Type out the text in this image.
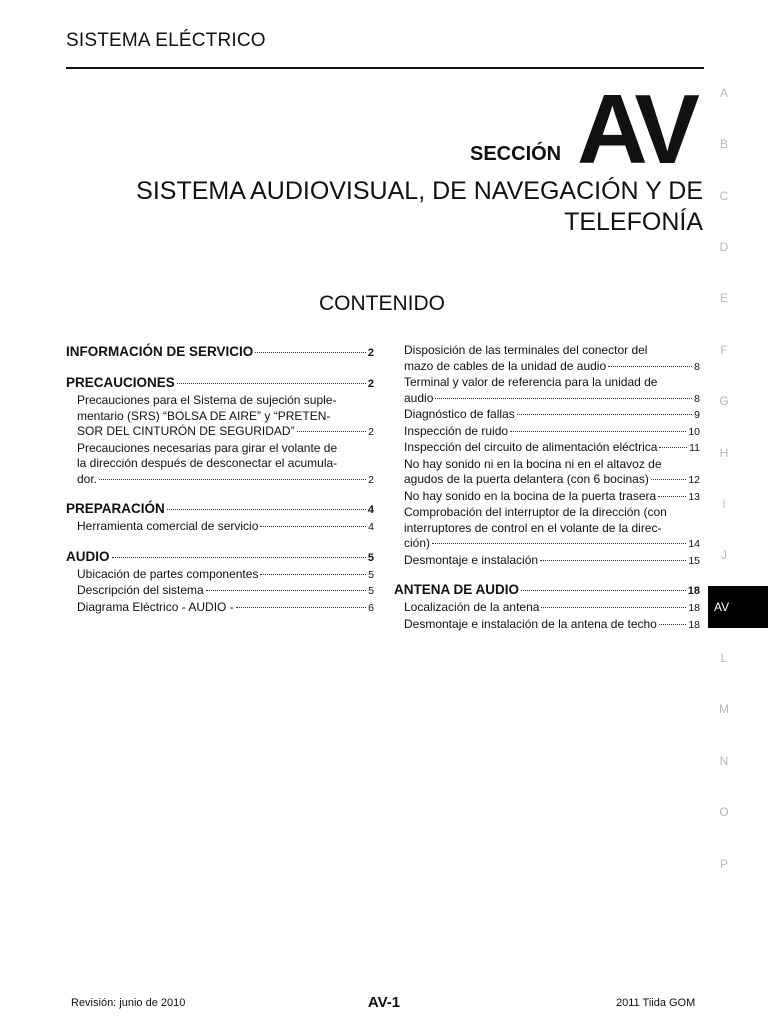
SISTEMA ELÉCTRICO
SECCIÓN AV
SISTEMA AUDIOVISUAL, DE NAVEGACIÓN Y DE
TELEFONÍA
CONTENIDO
INFORMACIÓN DE SERVICIO	2
PRECAUCIONES	2
Precauciones para el Sistema de sujeción suple-
mentario (SRS) “BOLSA DE AIRE” y “PRETEN-
SOR DEL CINTURÓN DE SEGURIDAD”	2
Precauciones necesarias para girar el volante de
la dirección después de desconectar el acumula-
dor.	2
PREPARACIÓN	4
Herramienta comercial de servicio	4
AUDIO	5
Ubicación de partes componentes	5
Descripción del sistema	5
Diagrama Eléctrico - AUDIO -	6
Disposición de las terminales del conector del
mazo de cables de la unidad de audio	8
Terminal y valor de referencia para la unidad de
audio	8
Diagnóstico de fallas	9
Inspección de ruido	10
Inspección del circuito de alimentación eléctrica	11
No hay sonido ni en la bocina ni en el altavoz de
agudos de la puerta delantera (con 6 bocinas)	12
No hay sonido en la bocina de la puerta trasera	13
Comprobación del interruptor de la dirección (con
interruptores de control en el volante de la direc-
ción)	14
Desmontaje e instalación	15
ANTENA DE AUDIO	18
Localización de la antena	18
Desmontaje e instalación de la antena de techo	18
A
B
C
D
E
F
G
H
I
J
AV
L
M
N
O
P
Revisión: junio de 2010	AV-1	2011 Tiida GOM
